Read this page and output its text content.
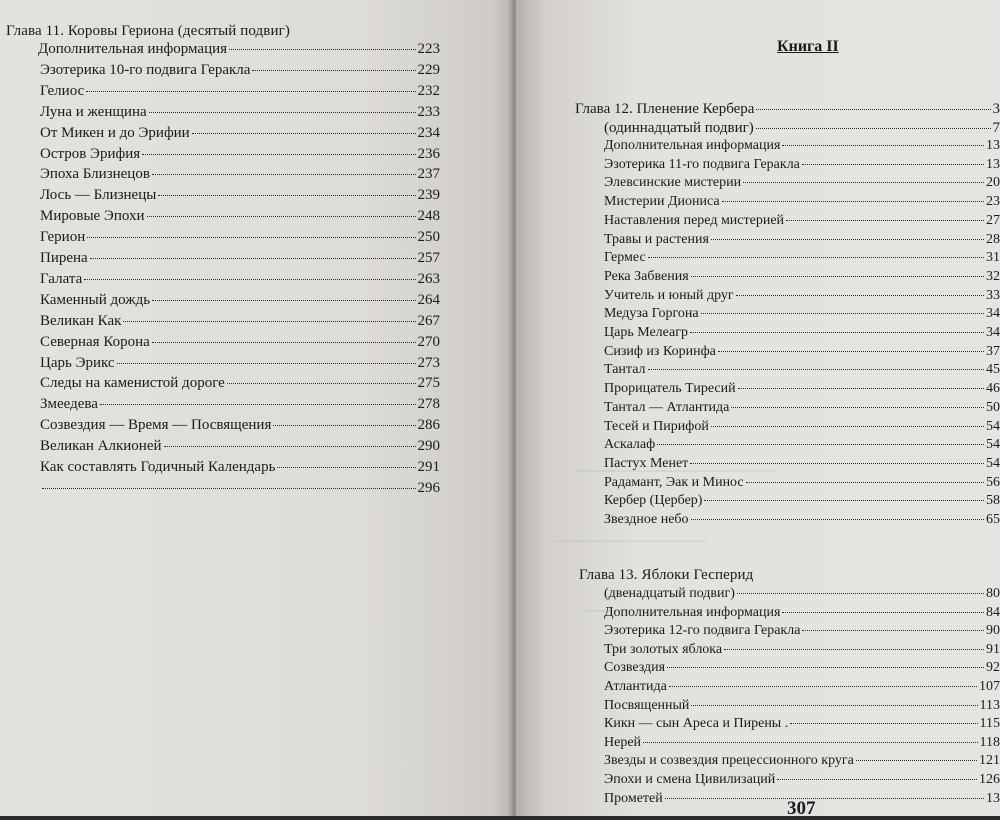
Глава 11. Коровы Гериона (десятый подвиг)
Дополнительная информация	223
Эзотерика 10-го подвига Геракла	229
Гелиос	232
Луна и женщина	233
От Микен и до Эрифии	234
Остров Эрифия	236
Эпоха Близнецов	237
Лось — Близнецы	239
Мировые Эпохи	248
Герион	250
Пирена	257
Галата	263
Каменный дождь	264
Великан Как	267
Северная Корона	270
Царь Эрикс	273
Следы на каменистой дороге	275
Змеедева	278
Созвездия — Время — Посвящения	286
Великан Алкионей	290
Как составлять Годичный Календарь	291
296
Книга II
Глава 12. Пленение Кербера	3
(одиннадцатый подвиг)	7
Дополнительная информация	13
Эзотерика 11-го подвига Геракла	13
Элевсинские мистерии	20
Мистерии Диониса	23
Наставления перед мистерией	27
Травы и растения	28
Гермес	31
Река Забвения	32
Учитель и юный друг	33
Медуза Горгона	34
Царь Мелеагр	34
Сизиф из Коринфа	37
Тантал	45
Прорицатель Тиресий	46
Тантал — Атлантида	50
Тесей и Пирифой	54
Аскалаф	54
Пастух Менет	54
Радамант, Эак и Минос	56
Кербер (Цербер)	58
Звездное небо	65
Глава 13. Яблоки Гесперид
(двенадцатый подвиг)	80
Дополнительная информация	84
Эзотерика 12-го подвига Геракла	90
Три золотых яблока	91
Созвездия	92
Атлантида	107
Посвященный	113
Кикн — сын Ареса и Пирены .	115
Нерей	118
Звезды и созвездия прецессионного круга	121
Эпохи и смена Цивилизаций	126
Прометей	13
307
